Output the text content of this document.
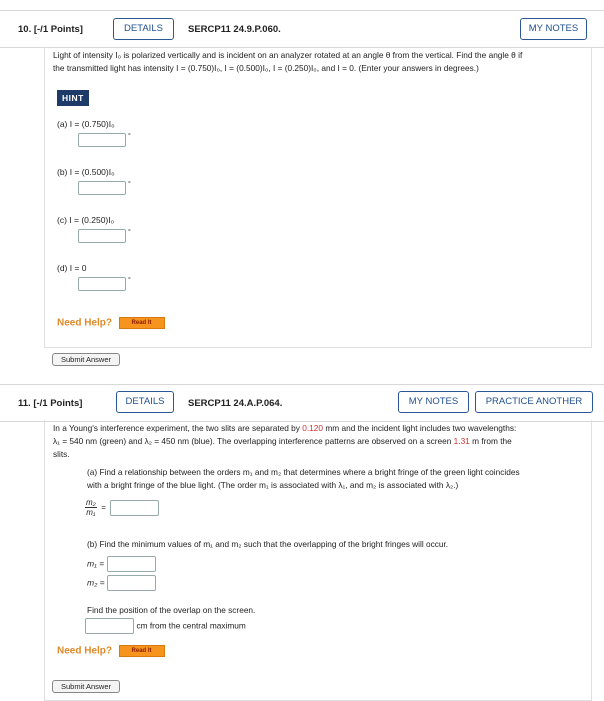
10. [-/1 Points]	DETAILS	SERCP11 24.9.P.060.	MY NOTES
Light of intensity I₀ is polarized vertically and is incident on an analyzer rotated at an angle θ from the vertical. Find the angle θ if
the transmitted light has intensity I = (0.750)I₀, I = (0.500)I₀, I = (0.250)I₀, and I = 0. (Enter your answers in degrees.)
HINT
(a) I = (0.750)I₀
°
(b) I = (0.500)I₀
°
(c) I = (0.250)I₀
°
(d) I = 0
°
Need Help?	Read It
Submit Answer
11. [-/1 Points]	DETAILS	SERCP11 24.A.P.064.	MY NOTES	PRACTICE ANOTHER
In a Young's interference experiment, the two slits are separated by 0.120 mm and the incident light includes two wavelengths:
λ₁ = 540 nm (green) and λ₂ = 450 nm (blue). The overlapping interference patterns are observed on a screen 1.31 m from the
slits.
(a) Find a relationship between the orders m₁ and m₂ that determines where a bright fringe of the green light coincides
with a bright fringe of the blue light. (The order m₁ is associated with λ₁, and m₂ is associated with λ₂.)
$\frac{\text{m₂}}{\text{m₁}}$ =
(b) Find the minimum values of m₁ and m₂ such that the overlapping of the bright fringes will occur.
m₁ =
m₂ =
Find the position of the overlap on the screen.
cm from the central maximum
Need Help?	Read It
Submit Answer
